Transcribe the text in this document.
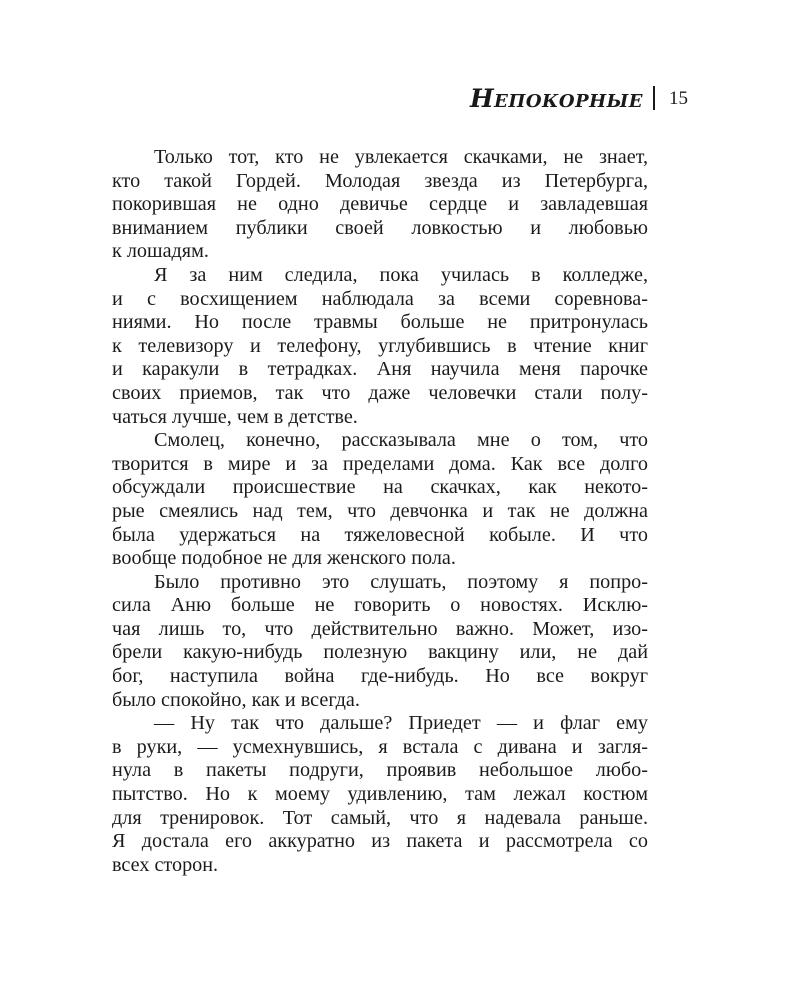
Непокорные 15

Только тот, кто не увлекается скачками, не знает,
кто такой Гордей. Молодая звезда из Петербурга,
покорившая не одно девичье сердце и завладевшая
вниманием публики своей ловкостью и любовью
к лошадям.

Я за ним следила, пока училась в колледже,
и с восхищением наблюдала за всеми соревнова-
ниями. Но после травмы больше не притронулась
к телевизору и телефону, углубившись в чтение книг
и каракули в тетрадках. Аня научила меня парочке
своих приемов, так что даже человечки стали полу-
чаться лучше, чем в детстве.

Смолец, конечно, рассказывала мне о том, что
творится в мире и за пределами дома. Как все долго
обсуждали происшествие на скачках, как некото-
рые смеялись над тем, что девчонка и так не должна
была удержаться на тяжеловесной кобыле. И что
вообще подобное не для женского пола.

Было противно это слушать, поэтому я попро-
сила Аню больше не говорить о новостях. Исклю-
чая лишь то, что действительно важно. Может, изо-
брели какую-нибудь полезную вакцину или, не дай
бог, наступила война где-нибудь. Но все вокруг
было спокойно, как и всегда.

— Ну так что дальше? Приедет — и флаг ему
в руки, — усмехнувшись, я встала с дивана и загля-
нула в пакеты подруги, проявив небольшое любо-
пытство. Но к моему удивлению, там лежал костюм
для тренировок. Тот самый, что я надевала раньше.
Я достала его аккуратно из пакета и рассмотрела со
всех сторон.
